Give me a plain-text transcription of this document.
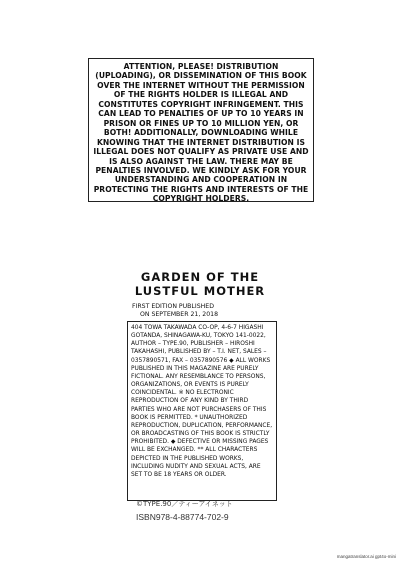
ATTENTION, PLEASE! DISTRIBUTION (UPLOADING), OR DISSEMINATION OF THIS BOOK OVER THE INTERNET WITHOUT THE PERMISSION OF THE RIGHTS HOLDER IS ILLEGAL AND CONSTITUTES COPYRIGHT INFRINGEMENT. THIS CAN LEAD TO PENALTIES OF UP TO 10 YEARS IN PRISON OR FINES UP TO 10 MILLION YEN, OR BOTH! ADDITIONALLY, DOWNLOADING WHILE KNOWING THAT THE INTERNET DISTRIBUTION IS ILLEGAL DOES NOT QUALIFY AS PRIVATE USE AND IS ALSO AGAINST THE LAW. THERE MAY BE PENALTIES INVOLVED. WE KINDLY ASK FOR YOUR UNDERSTANDING AND COOPERATION IN PROTECTING THE RIGHTS AND INTERESTS OF THE COPYRIGHT HOLDERS.

GARDEN OF THE
LUSTFUL MOTHER

FIRST EDITION PUBLISHED
ON SEPTEMBER 21, 2018

404 TOWA TAKAWADA CO-OP, 4-6-7 HIGASHI GOTANDA, SHINAGAWA-KU, TOKYO 141-0022, AUTHOR – TYPE.90, PUBLISHER – HIROSHI TAKAHASHI, PUBLISHED BY – T.I. NET, SALES – 0357890571, FAX – 0357890576 ◆ ALL WORKS PUBLISHED IN THIS MAGAZINE ARE PURELY FICTIONAL. ANY RESEMBLANCE TO PERSONS, ORGANIZATIONS, OR EVENTS IS PURELY COINCIDENTAL. ※ NO ELECTRONIC REPRODUCTION OF ANY KIND BY THIRD PARTIES WHO ARE NOT PURCHASERS OF THIS BOOK IS PERMITTED. * UNAUTHORIZED REPRODUCTION, DUPLICATION, PERFORMANCE, OR BROADCASTING OF THIS BOOK IS STRICTLY PROHIBITED. ◆ DEFECTIVE OR MISSING PAGES WILL BE EXCHANGED. ** ALL CHARACTERS DEPICTED IN THE PUBLISHED WORKS, INCLUDING NUDITY AND SEXUAL ACTS, ARE SET TO BE 18 YEARS OR OLDER.

©TYPE.90／ティーアイネット

ISBN978-4-88774-702-9

mangatranslator.ai gpt4o-mini
